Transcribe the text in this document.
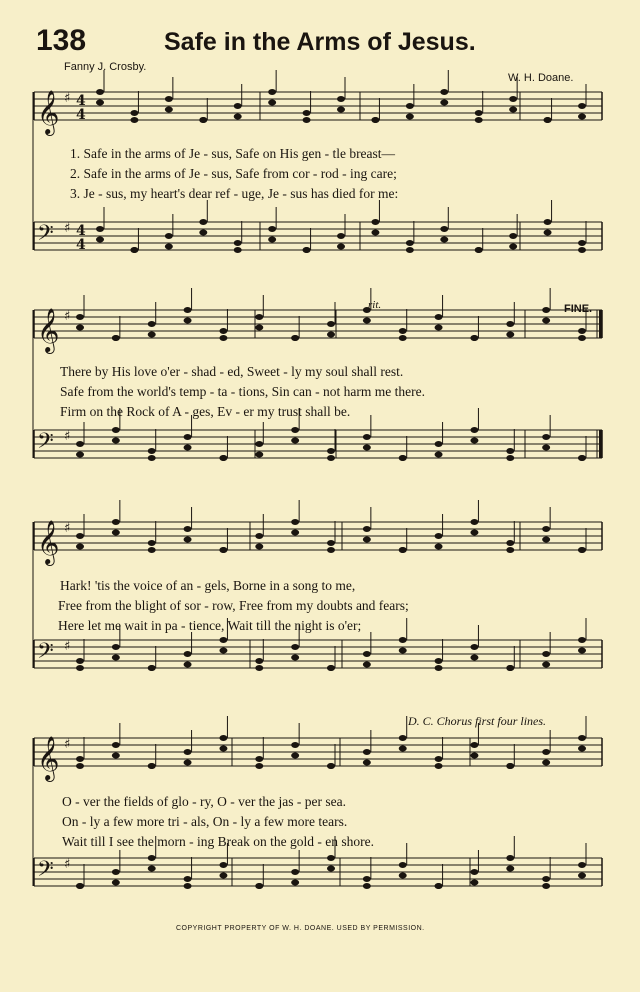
138	Safe in the Arms of Jesus.
Fanny J. Crosby.
W. H. Doane.
𝄞 ♯ 4
4
𝄢 ♯ 4
4
𝄞 ♯
𝄢 ♯
𝄞 ♯
𝄢 ♯
𝄞 ♯
𝄢 ♯
1. Safe in the arms of Je - sus, Safe on His gen - tle breast—
2. Safe in the arms of Je - sus, Safe from cor - rod - ing care;
3. Je - sus, my heart's dear ref - uge, Je - sus has died for me:
There by His love o'er - shad - ed, Sweet - ly my soul shall rest.
Safe from the world's temp - ta - tions, Sin can - not harm me there.
Firm on the Rock of A - ges, Ev - er my trust shall be.
Hark! 'tis the voice of an - gels, Borne in a song to me,
Free from the blight of sor - row, Free from my doubts and fears;
Here let me wait in pa - tience, Wait till the night is o'er;
O - ver the fields of glo - ry, O - ver the jas - per sea.
On - ly a few more tri - als, On - ly a few more tears.
Wait till I see the morn - ing Break on the gold - en shore.
FINE.
rit.
D. C. Chorus first four lines.
COPYRIGHT PROPERTY OF W. H. DOANE. USED BY PERMISSION.
